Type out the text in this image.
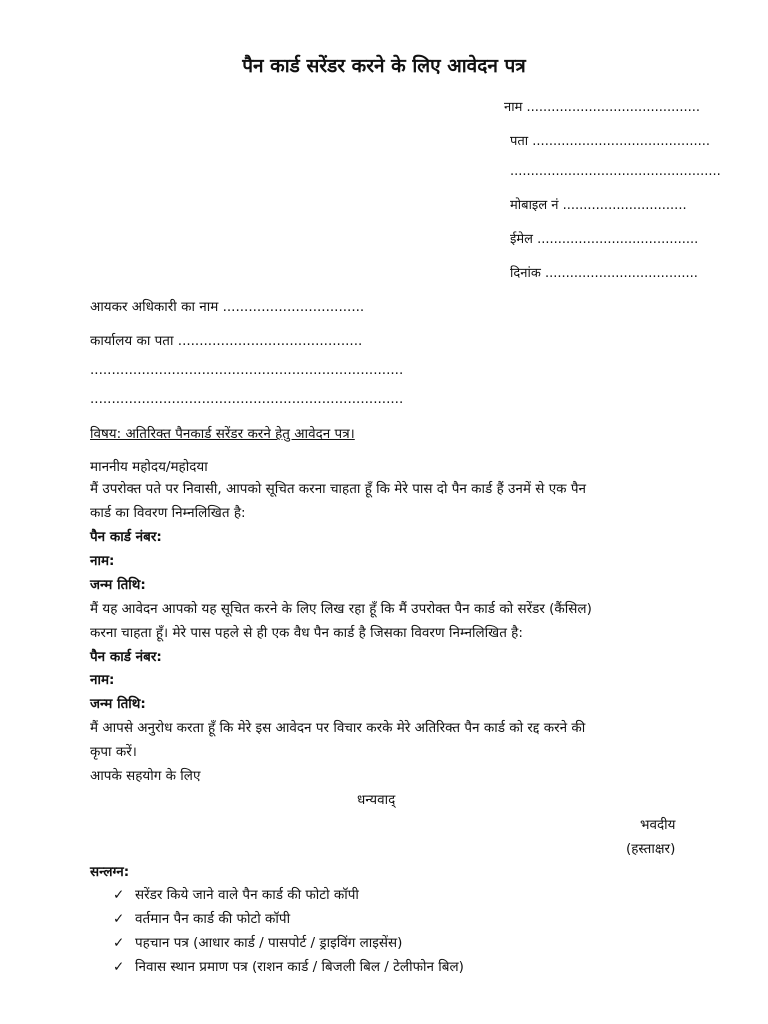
पैन कार्ड सरेंडर करने के लिए आवेदन पत्र
नाम ..........................................
पता ...........................................
...................................................
मोबाइल नं ..............................
ईमेल .......................................
दिनांक .....................................
आयकर अधिकारी का नाम .................................
कार्यालय का पता ...........................................
.........................................................................
.........................................................................
विषय: अतिरिक्त पैनकार्ड सरेंडर करने हेतु आवेदन पत्र।
माननीय महोदय/महोदया
मैं उपरोक्त पते पर निवासी, आपको सूचित करना चाहता हूँ कि मेरे पास दो पैन कार्ड हैं उनमें से एक पैन
कार्ड का विवरण निम्नलिखित है:
पैन कार्ड नंबर:
नाम:
जन्म तिथि:
मैं यह आवेदन आपको यह सूचित करने के लिए लिख रहा हूँ कि मैं उपरोक्त पैन कार्ड को सरेंडर (कैंसिल)
करना चाहता हूँ। मेरे पास पहले से ही एक वैध पैन कार्ड है जिसका विवरण निम्नलिखित है:
पैन कार्ड नंबर:
नाम:
जन्म तिथि:
मैं आपसे अनुरोध करता हूँ कि मेरे इस आवेदन पर विचार करके मेरे अतिरिक्त पैन कार्ड को रद्द करने की
कृपा करें।
आपके सहयोग के लिए
धन्यवाद्
भवदीय
(हस्ताक्षर)
सन्लग्न:
✓ सरेंडर किये जाने वाले पैन कार्ड की फोटो कॉपी
✓ वर्तमान पैन कार्ड की फोटो कॉपी
✓ पहचान पत्र (आधार कार्ड / पासपोर्ट / ड्राइविंग लाइसेंस)
✓ निवास स्थान प्रमाण पत्र (राशन कार्ड / बिजली बिल / टेलीफोन बिल)
